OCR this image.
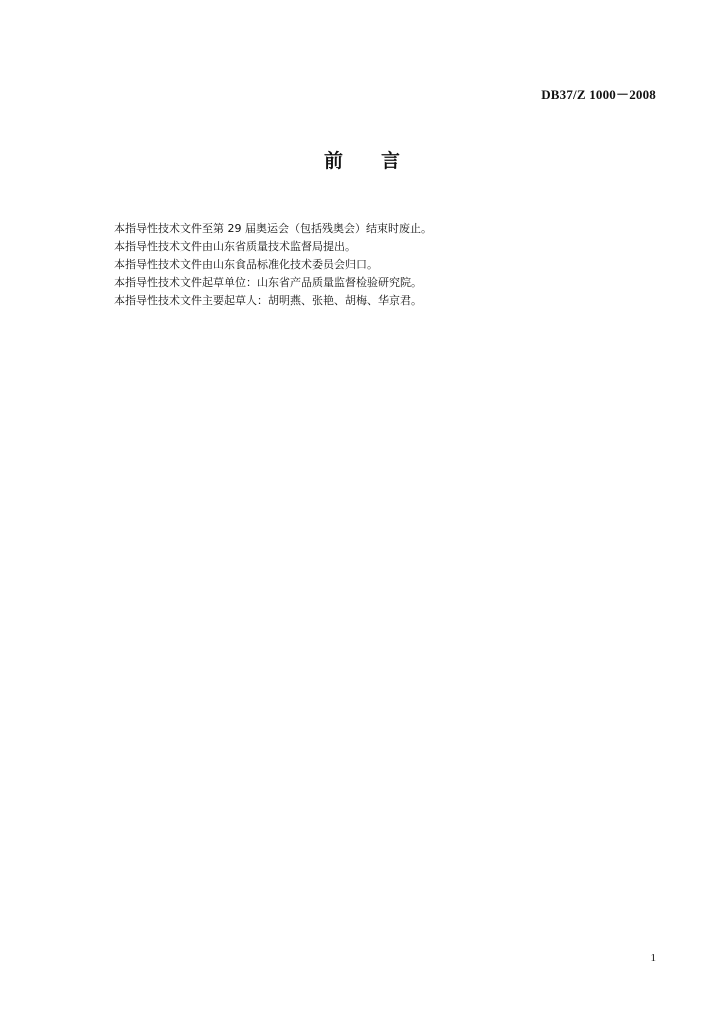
DB37/Z 1000－2008
前 言

本指导性技术文件至第 29 届奥运会（包括残奥会）结束时废止。

本指导性技术文件由山东省质量技术监督局提出。

本指导性技术文件由山东食品标准化技术委员会归口。

本指导性技术文件起草单位：山东省产品质量监督检验研究院。

本指导性技术文件主要起草人：胡明燕、张艳、胡梅、华京君。

1
